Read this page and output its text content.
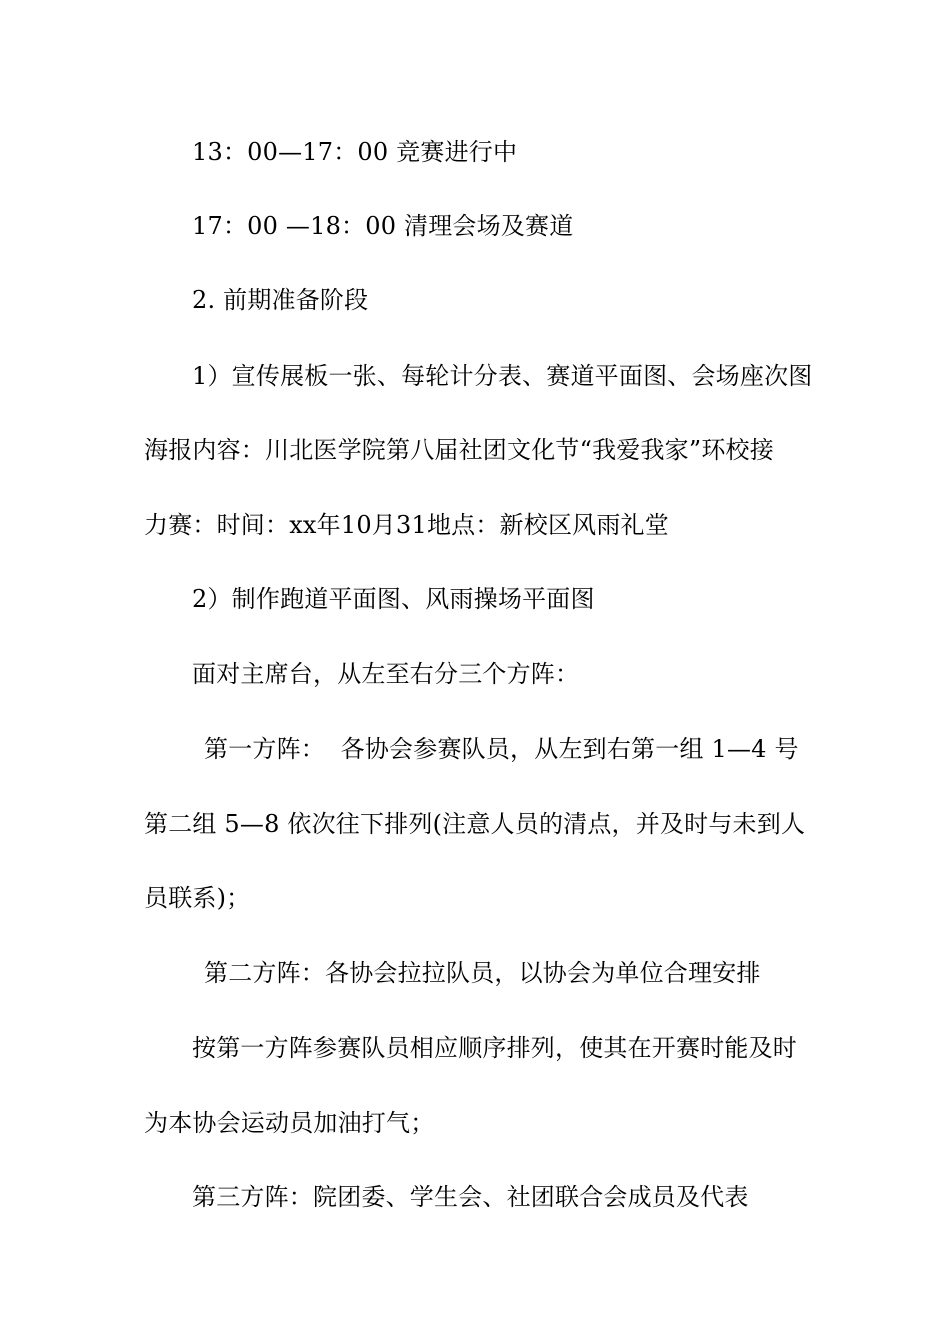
13：00—17：00 竞赛进行中
17：00 —18：00 清理会场及赛道
2. 前期准备阶段
1）宣传展板一张、每轮计分表、赛道平面图、会场座次图
海报内容：川北医学院第八届社团文化节“我爱我家”环校接
力赛：时间：xx年10月31地点：新校区风雨礼堂
2）制作跑道平面图、风雨操场平面图
面对主席台，从左至右分三个方阵：
第一方阵：  各协会参赛队员，从左到右第一组 1—4 号
第二组 5—8 依次往下排列(注意人员的清点，并及时与未到人
员联系)；
第二方阵：各协会拉拉队员，以协会为单位合理安排
按第一方阵参赛队员相应顺序排列，使其在开赛时能及时
为本协会运动员加油打气；
第三方阵：院团委、学生会、社团联合会成员及代表
